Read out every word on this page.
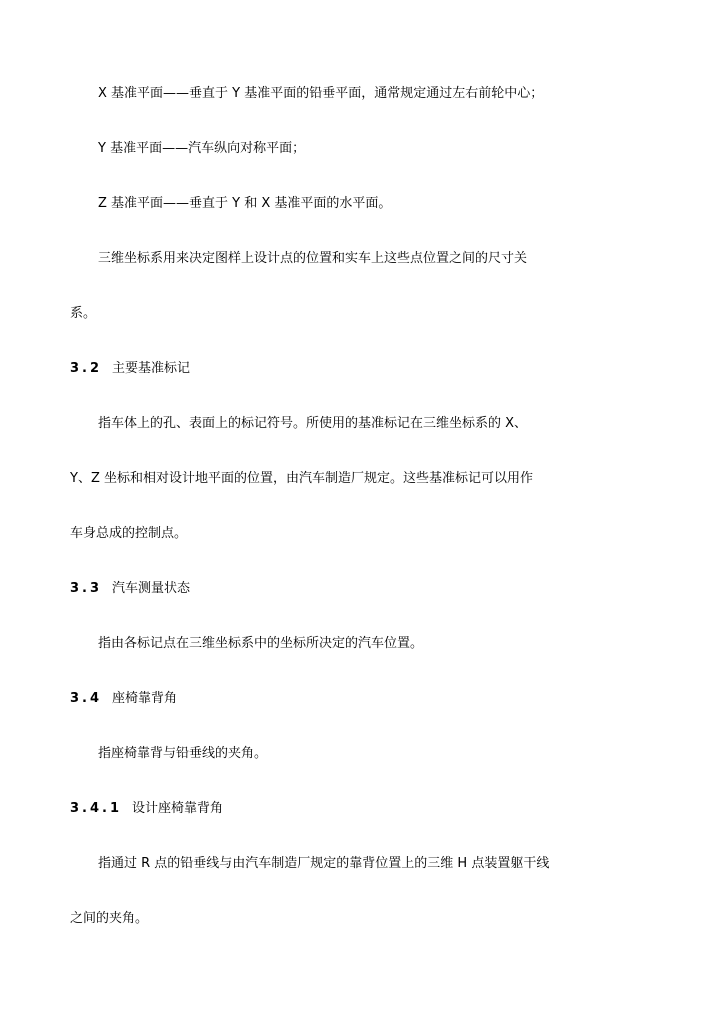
X 基准平面——垂直于 Y 基准平面的铅垂平面，通常规定通过左右前轮中心；
Y 基准平面——汽车纵向对称平面；
Z 基准平面——垂直于 Y 和 X 基准平面的水平面。
三维坐标系用来决定图样上设计点的位置和实车上这些点位置之间的尺寸关
系。
3.2 主要基准标记
指车体上的孔、表面上的标记符号。所使用的基准标记在三维坐标系的 X、
Y、Z 坐标和相对设计地平面的位置，由汽车制造厂规定。这些基准标记可以用作
车身总成的控制点。
3.3 汽车测量状态
指由各标记点在三维坐标系中的坐标所决定的汽车位置。
3.4 座椅靠背角
指座椅靠背与铅垂线的夹角。
3.4.1 设计座椅靠背角
指通过 R 点的铅垂线与由汽车制造厂规定的靠背位置上的三维 H 点装置躯干线
之间的夹角。
